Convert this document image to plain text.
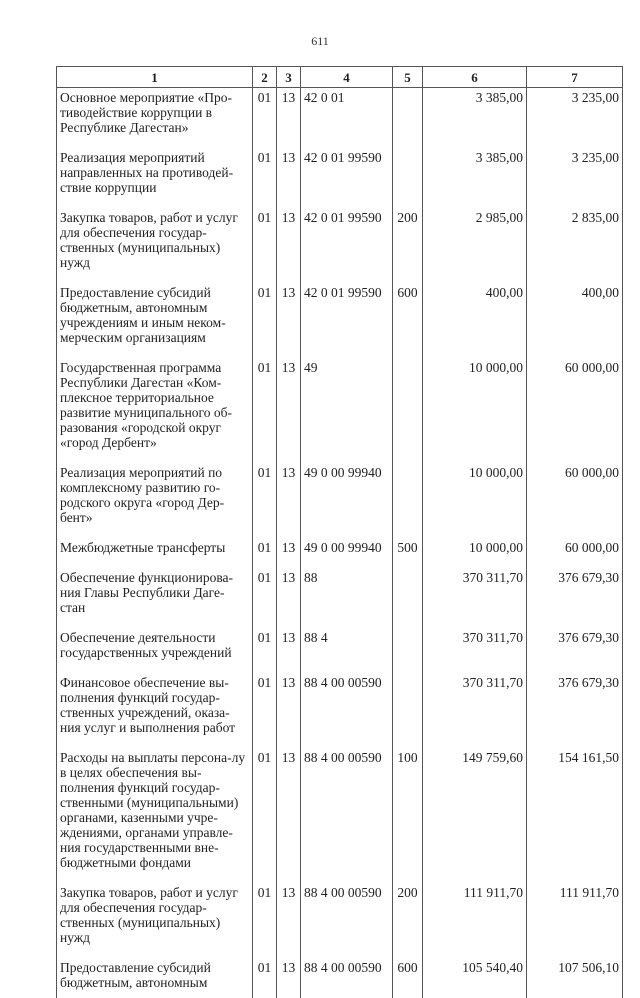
611
1	2	3	4	5	6	7
Основное мероприятие «Про-тиводействие коррупции в Республике Дагестан»	01	13	42 0 01		3 385,00	3 235,00
Реализация мероприятий направленных на противодей-ствие коррупции	01	13	42 0 01 99590		3 385,00	3 235,00
Закупка товаров, работ и услуг для обеспечения государ-ственных (муниципальных) нужд	01	13	42 0 01 99590	200	2 985,00	2 835,00
Предоставление субсидий бюджетным, автономным учреждениям и иным неком-мерческим организациям	01	13	42 0 01 99590	600	400,00	400,00
Государственная программа Республики Дагестан «Ком-плексное территориальное развитие муниципального об-разования «городской округ «город Дербент»	01	13	49		10 000,00	60 000,00
Реализация мероприятий по комплексному развитию го-родского округа «город Дер-бент»	01	13	49 0 00 99940		10 000,00	60 000,00
Межбюджетные трансферты	01	13	49 0 00 99940	500	10 000,00	60 000,00
Обеспечение функционирова-ния Главы Республики Даге-стан	01	13	88		370 311,70	376 679,30
Обеспечение деятельности государственных учреждений	01	13	88 4		370 311,70	376 679,30
Финансовое обеспечение вы-полнения функций государ-ственных учреждений, оказа-ния услуг и выполнения работ	01	13	88 4 00 00590		370 311,70	376 679,30
Расходы на выплаты персона-лу в целях обеспечения вы-полнения функций государ-ственными (муниципальными) органами, казенными учре-ждениями, органами управле-ния государственными вне-бюджетными фондами	01	13	88 4 00 00590	100	149 759,60	154 161,50
Закупка товаров, работ и услуг для обеспечения государ-ственных (муниципальных) нужд	01	13	88 4 00 00590	200	111 911,70	111 911,70
Предоставление субсидий бюджетным, автономным	01	13	88 4 00 00590	600	105 540,40	107 506,10
